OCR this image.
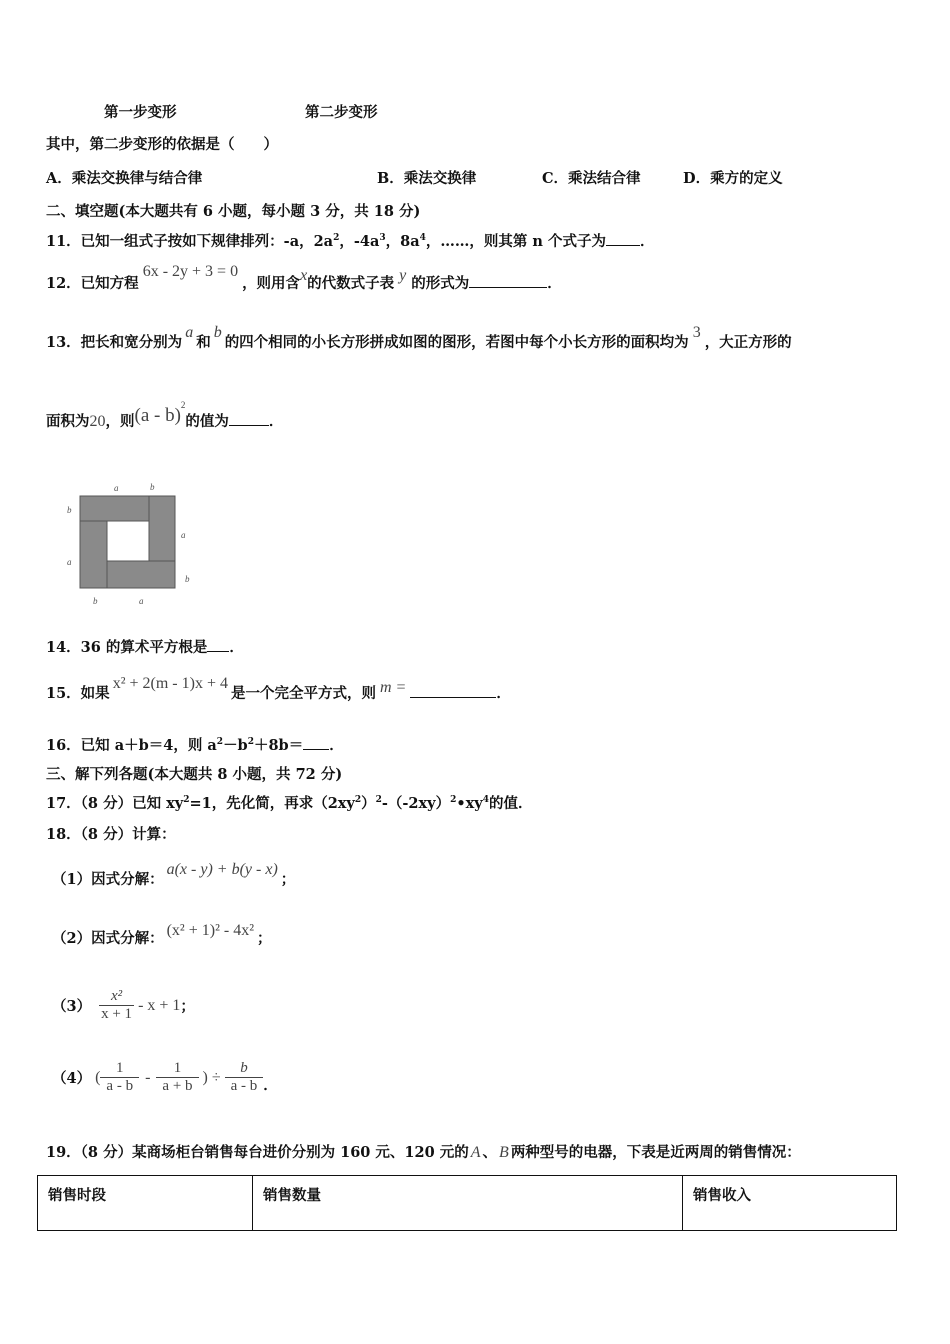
第一步变形	第二步变形
其中，第二步变形的依据是（　　）
A．乘法交换律与结合律	B．乘法交换律	C．乘法结合律	D．乘方的定义
二、填空题(本大题共有 6 小题，每小题 3 分，共 18 分)
11．已知一组式子按如下规律排列：-a，$2a^2$，$-4a^3$，$8a^4$，……，则其第 n 个式子为 ．
12．已知方程6x - 2y + 3 = 0，则用含x的代数式子表 y 的形式为	．
13．把长和宽分别为a和b的四个相同的小长方形拼成如图的图形，若图中每个小长方形的面积均为3，大正方形的
面积为20，则(a - b)$^2$的值为	．
a	b
b
a
a
b
b	a
14．36 的算术平方根是 ．
15．如果x² + 2(m - 1)x + 4是一个完全平方式，则 m =	．
16．已知 a＋b＝4，则 $a^2-b^2+8b=$ ．
三、解下列各题(本大题共 8 小题，共 72 分)
17．（8 分）已知 $xy^2=1$，先化简，再求$(2xy^2)^2-(-2xy)^2•xy^4$的值．
18．（8 分）计算：
（1）因式分解：a(x - y) + b(y - x)；
（2）因式分解： (x² + 1)² - 4x² ；
$(3) \frac{\text{x²}}{x + 1} - x + 1$；
（4） ( $\frac{1}{a - b} - \frac{1}{a + b}$ ) ÷ $\frac{b}{a - b}$ ．
19．（8 分）某商场柜台销售每台进价分别为 160 元、120 元的 A 、 B 两种型号的电器，下表是近两周的销售情况：
销售时段	销售数量	销售收入
